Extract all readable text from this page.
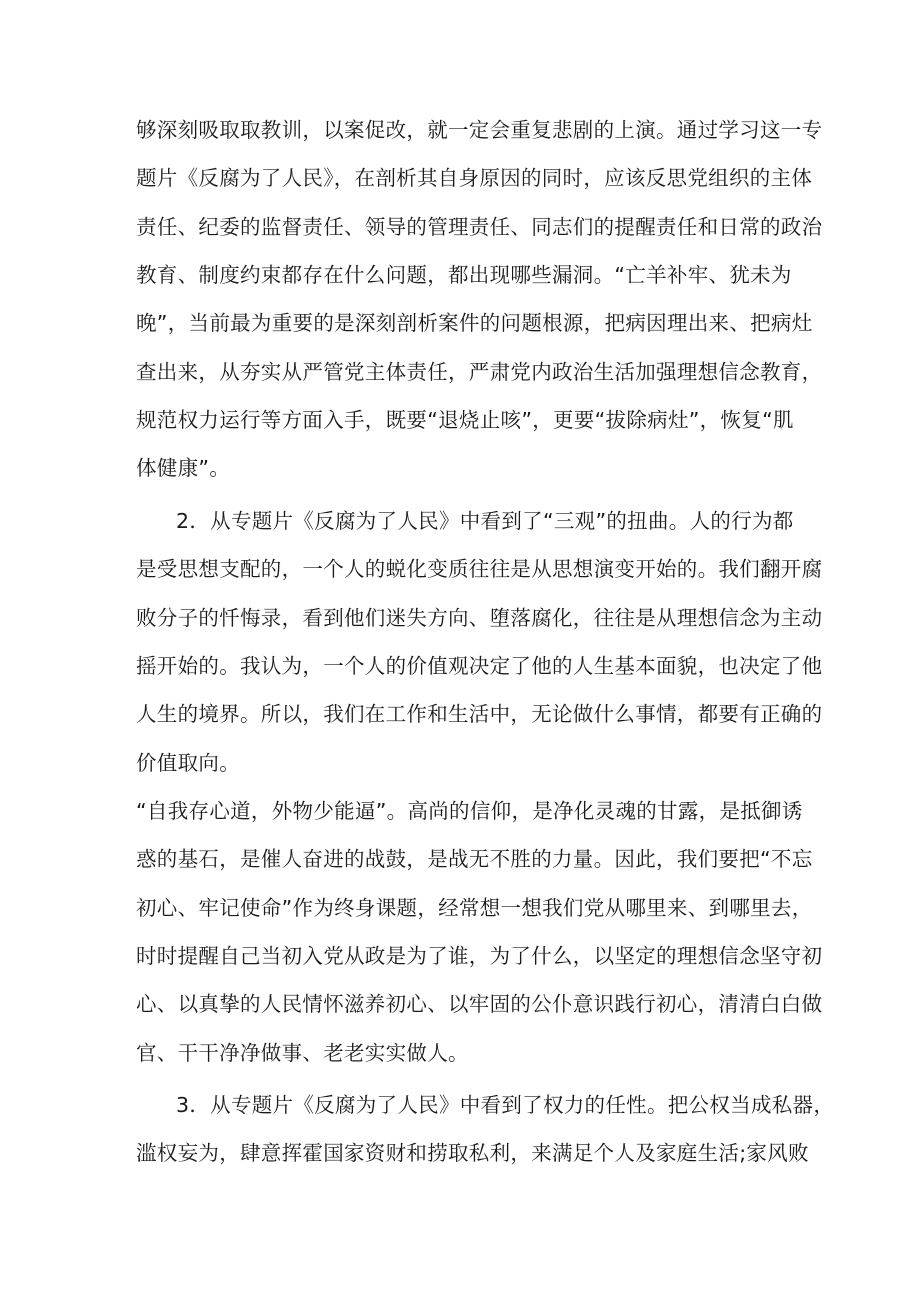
够深刻吸取取教训，以案促改，就一定会重复悲剧的上演。通过学习这一专
题片《反腐为了人民》，在剖析其自身原因的同时，应该反思党组织的主体
责任、纪委的监督责任、领导的管理责任、同志们的提醒责任和日常的政治
教育、制度约束都存在什么问题，都出现哪些漏洞。“亡羊补牢、犹未为
晚”，当前最为重要的是深刻剖析案件的问题根源，把病因理出来、把病灶
查出来，从夯实从严管党主体责任，严肃党内政治生活加强理想信念教育，
规范权力运行等方面入手，既要“退烧止咳”，更要“拔除病灶”，恢复“肌
体健康”。
2．从专题片《反腐为了人民》中看到了“三观”的扭曲。人的行为都
是受思想支配的，一个人的蜕化变质往往是从思想演变开始的。我们翻开腐
败分子的忏悔录，看到他们迷失方向、堕落腐化，往往是从理想信念为主动
摇开始的。我认为，一个人的价值观决定了他的人生基本面貌，也决定了他
人生的境界。所以，我们在工作和生活中，无论做什么事情，都要有正确的
价值取向。
“自我存心道，外物少能逼”。高尚的信仰，是净化灵魂的甘露，是抵御诱
惑的基石，是催人奋进的战鼓，是战无不胜的力量。因此，我们要把“不忘
初心、牢记使命”作为终身课题，经常想一想我们党从哪里来、到哪里去，
时时提醒自己当初入党从政是为了谁，为了什么，以坚定的理想信念坚守初
心、以真挚的人民情怀滋养初心、以牢固的公仆意识践行初心，清清白白做
官、干干净净做事、老老实实做人。
3．从专题片《反腐为了人民》中看到了权力的任性。把公权当成私器，
滥权妄为，肆意挥霍国家资财和捞取私利，来满足个人及家庭生活;家风败
